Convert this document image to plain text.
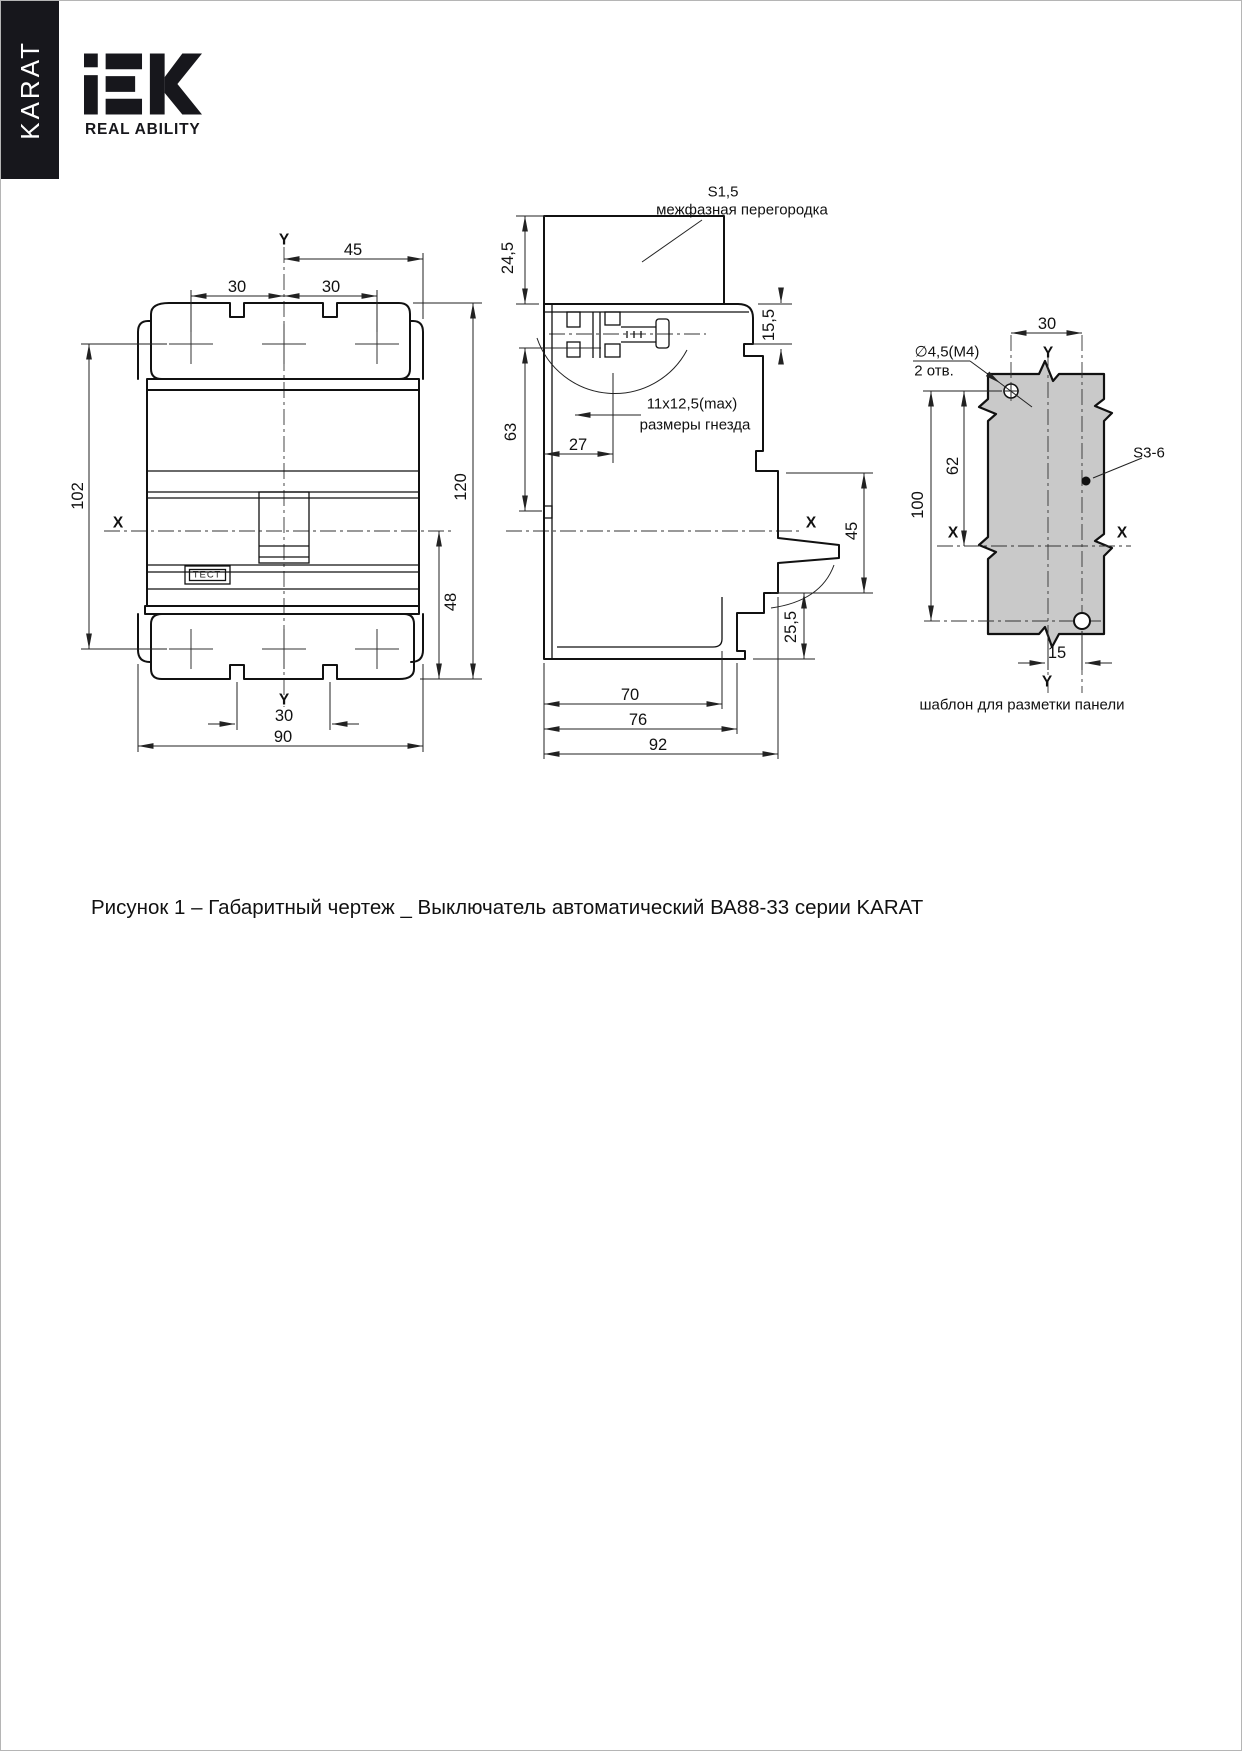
KARAT	REAL ABILITY
Y
45
30	30
102
X
120
48
ТЕСТ
Y
30
90
24,5
S1,5
межфазная перегородка
15,5
63
27
11x12,5(max)
размеры гнезда
X 45
25,5
70
76
92
30
Y
∅4,5(M4)
2 отв.
62
100
X	X
S3-6
15
Y
шаблон для разметки панели
Рисунок 1 – Габаритный чертеж _ Выключатель автоматический ВА88-33 серии KARAT
